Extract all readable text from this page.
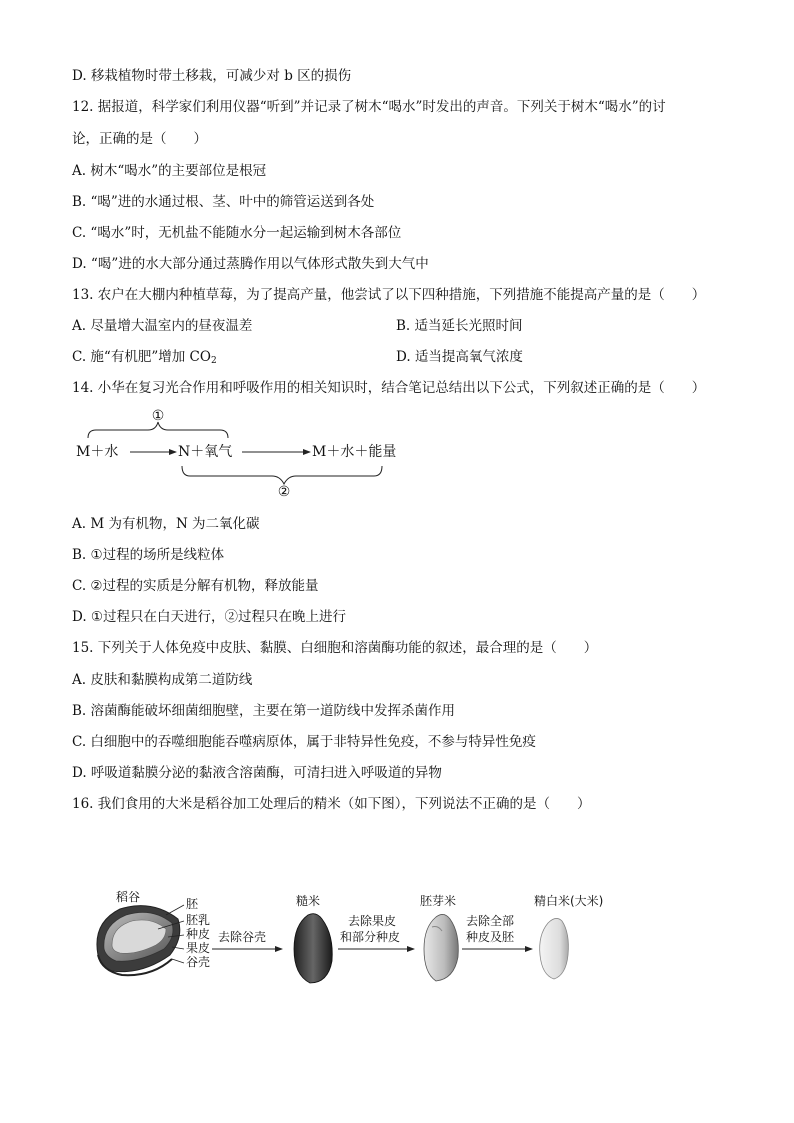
D. 移栽植物时带土移栽，可减少对 b 区的损伤
12. 据报道，科学家们利用仪器“听到”并记录了树木“喝水”时发出的声音。下列关于树木“喝水”的讨
论，正确的是（　　）
A. 树木“喝水”的主要部位是根冠
B. “喝”进的水通过根、茎、叶中的筛管运送到各处
C. “喝水”时，无机盐不能随水分一起运输到树木各部位
D. “喝”进的水大部分通过蒸腾作用以气体形式散失到大气中
13. 农户在大棚内种植草莓，为了提高产量，他尝试了以下四种措施，下列措施不能提高产量的是（　　）
A. 尽量增大温室内的昼夜温差	B. 适当延长光照时间
C. 施“有机肥”增加 $CO_2$	D. 适当提高氧气浓度
14. 小华在复习光合作用和呼吸作用的相关知识时，结合笔记总结出以下公式，下列叙述正确的是（　　）
①
②
M＋水	N＋氧气	M＋水＋能量
A. M 为有机物，N 为二氧化碳
B. ①过程的场所是线粒体
C. ②过程的实质是分解有机物，释放能量
D. ①过程只在白天进行，②过程只在晚上进行
15. 下列关于人体免疫中皮肤、黏膜、白细胞和溶菌酶功能的叙述，最合理的是（　　）
A. 皮肤和黏膜构成第二道防线
B. 溶菌酶能破坏细菌细胞壁，主要在第一道防线中发挥杀菌作用
C. 白细胞中的吞噬细胞能吞噬病原体，属于非特异性免疫，不参与特异性免疫
D. 呼吸道黏膜分泌的黏液含溶菌酶，可清扫进入呼吸道的异物
16. 我们食用的大米是稻谷加工处理后的精米（如下图），下列说法不正确的是（　　）
稻谷	胚
胚乳
种皮
果皮
谷壳
去除谷壳
糙米
去除果皮
和部分种皮
胚芽米
去除全部
种皮及胚
精白米(大米)
